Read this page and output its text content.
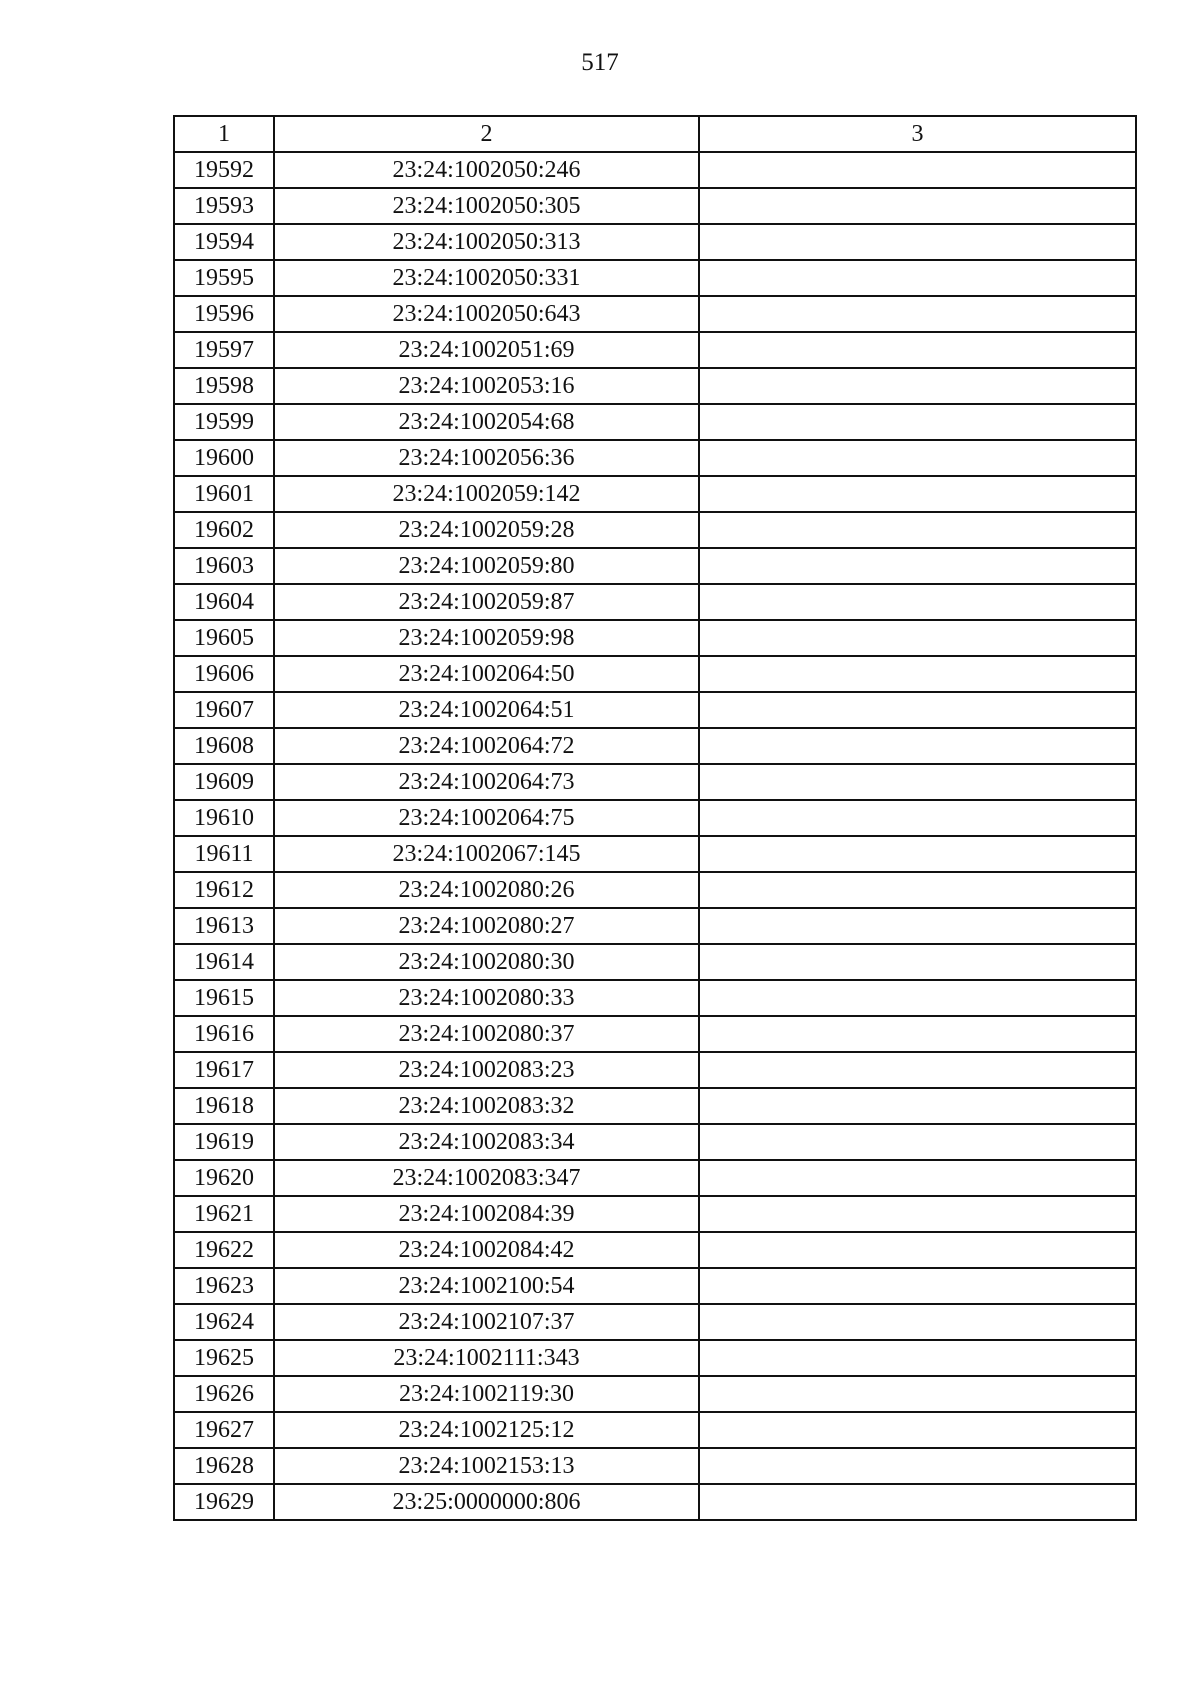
517
1	2	3
19592	23:24:1002050:246	
19593	23:24:1002050:305	
19594	23:24:1002050:313	
19595	23:24:1002050:331	
19596	23:24:1002050:643	
19597	23:24:1002051:69	
19598	23:24:1002053:16	
19599	23:24:1002054:68	
19600	23:24:1002056:36	
19601	23:24:1002059:142	
19602	23:24:1002059:28	
19603	23:24:1002059:80	
19604	23:24:1002059:87	
19605	23:24:1002059:98	
19606	23:24:1002064:50	
19607	23:24:1002064:51	
19608	23:24:1002064:72	
19609	23:24:1002064:73	
19610	23:24:1002064:75	
19611	23:24:1002067:145	
19612	23:24:1002080:26	
19613	23:24:1002080:27	
19614	23:24:1002080:30	
19615	23:24:1002080:33	
19616	23:24:1002080:37	
19617	23:24:1002083:23	
19618	23:24:1002083:32	
19619	23:24:1002083:34	
19620	23:24:1002083:347	
19621	23:24:1002084:39	
19622	23:24:1002084:42	
19623	23:24:1002100:54	
19624	23:24:1002107:37	
19625	23:24:1002111:343	
19626	23:24:1002119:30	
19627	23:24:1002125:12	
19628	23:24:1002153:13	
19629	23:25:0000000:806	
